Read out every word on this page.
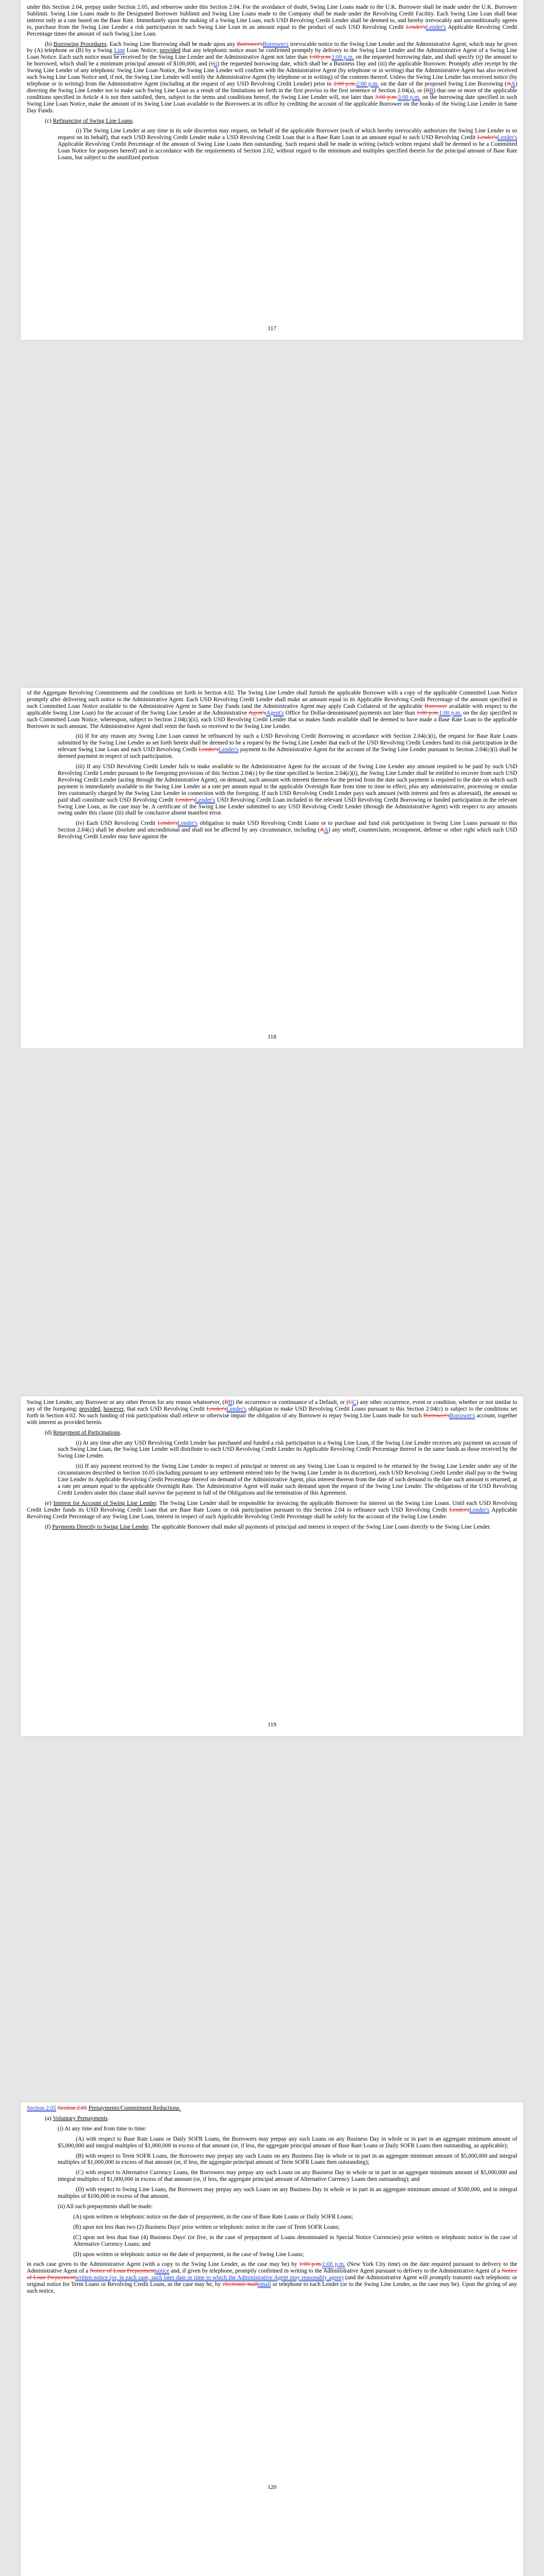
under this Section 2.04, prepay under Section 2.05, and reborrow under this Section 2.04. For the avoidance of doubt, Swing Line Loans made to the U.K. Borrower shall be made under the U.K. Borrower Sublimit. Swing Line Loans made to the Designated Borrower Sublimit and Swing Line Loans made to the Company shall be made under the Revolving Credit Facility. Each Swing Line Loan shall bear interest only at a rate based on the Base Rate. Immediately upon the making of a Swing Line Loan, each USD Revolving Credit Lender shall be deemed to, and hereby irrevocably and unconditionally agrees to, purchase from the Swing Line Lender a risk participation in such Swing Line Loan in an amount equal to the product of such USD Revolving Credit Lender'sLender's Applicable Revolving Credit Percentage times the amount of such Swing Line Loan.

(b) Borrowing Procedures. Each Swing Line Borrowing shall be made upon any Borrower'sBorrower's irrevocable notice to the Swing Line Lender and the Administrative Agent, which may be given by (A) telephone or (B) by a Swing Line Loan Notice; provided that any telephonic notice must be confirmed promptly by delivery to the Swing Line Lender and the Administrative Agent of a Swing Line Loan Notice. Each such notice must be received by the Swing Line Lender and the Administrative Agent not later than 1:00 p.m.1:00 p.m. on the requested borrowing date, and shall specify (ii) the amount to be borrowed, which shall be a minimum principal amount of $100,000, and (iiii) the requested borrowing date, which shall be a Business Day and (iii) the applicable Borrower. Promptly after receipt by the Swing Line Lender of any telephonic Swing Line Loan Notice, the Swing Line Lender will confirm with the Administrative Agent (by telephone or in writing) that the Administrative Agent has also received such Swing Line Loan Notice and, if not, the Swing Line Lender will notify the Administrative Agent (by telephone or in writing) of the contents thereof. Unless the Swing Line Lender has received notice (by telephone or in writing) from the Administrative Agent (including at the request of any USD Revolving Credit Lender) prior to 2:00 p.m.2:00 p.m. on the date of the proposed Swing Line Borrowing (AA) directing the Swing Line Lender not to make such Swing Line Loan as a result of the limitations set forth in the first proviso to the first sentence of Section 2.04(a), or (BB) that one or more of the applicable conditions specified in Article 4 is not then satisfied, then, subject to the terms and conditions hereof, the Swing Line Lender will, not later than 3:00 p.m.3:00 p.m. on the borrowing date specified in such Swing Line Loan Notice, make the amount of its Swing Line Loan available to the Borrowers at its office by crediting the account of the applicable Borrower on the books of the Swing Line Lender in Same Day Funds.

(c) Refinancing of Swing Line Loans.

(i) The Swing Line Lender at any time in its sole discretion may request, on behalf of the applicable Borrower (each of which hereby irrevocably authorizes the Swing Line Lender to so request on its behalf), that each USD Revolving Credit Lender make a USD Revolving Credit Loan that is a Base Rate Loan in an amount equal to such USD Revolving Credit Lender'sLender's Applicable Revolving Credit Percentage of the amount of Swing Line Loans then outstanding. Such request shall be made in writing (which written request shall be deemed to be a Committed Loan Notice for purposes hereof) and in accordance with the requirements of Section 2.02, without regard to the minimum and multiples specified therein for the principal amount of Base Rate Loans, but subject to the unutilized portion

117

of the Aggregate Revolving Commitments and the conditions set forth in Section 4.02. The Swing Line Lender shall furnish the applicable Borrower with a copy of the applicable Committed Loan Notice promptly after delivering such notice to the Administrative Agent. Each USD Revolving Credit Lender shall make an amount equal to its Applicable Revolving Credit Percentage of the amount specified in such Committed Loan Notice available to the Administrative Agent in Same Day Funds (and the Administrative Agent may apply Cash Collateral of the applicable Borrower available with respect to the applicable Swing Line Loan) for the account of the Swing Line Lender at the Administrative Agent'sAgent's Office for Dollar-denominated payments not later than 1:00 p.m.1:00 p.m. on the day specified in such Committed Loan Notice, whereupon, subject to Section 2.04(c)(ii), each USD Revolving Credit Lender that so makes funds available shall be deemed to have made a Base Rate Loan to the applicable Borrower in such amount. The Administrative Agent shall remit the funds so received to the Swing Line Lender.

(ii) If for any reason any Swing Line Loan cannot be refinanced by such a USD Revolving Credit Borrowing in accordance with Section 2.04(c)(i), the request for Base Rate Loans submitted by the Swing Line Lender as set forth herein shall be deemed to be a request by the Swing Line Lender that each of the USD Revolving Credit Lenders fund its risk participation in the relevant Swing Line Loan and each USD Revolving Credit Lender'sLender's payment to the Administrative Agent for the account of the Swing Line Lender pursuant to Section 2.04(c)(i) shall be deemed payment in respect of such participation.

(iii) If any USD Revolving Credit Lender fails to make available to the Administrative Agent for the account of the Swing Line Lender any amount required to be paid by such USD Revolving Credit Lender pursuant to the foregoing provisions of this Section 2.04(c) by the time specified in Section 2.04(c)(i), the Swing Line Lender shall be entitled to recover from such USD Revolving Credit Lender (acting through the Administrative Agent), on demand, such amount with interest thereon for the period from the date such payment is required to the date on which such payment is immediately available to the Swing Line Lender at a rate per annum equal to the applicable Overnight Rate from time to time in effect, plus any administrative, processing or similar fees customarily charged by the Swing Line Lender in connection with the foregoing. If such USD Revolving Credit Lender pays such amount (with interest and fees as aforesaid), the amount so paid shall constitute such USD Revolving Credit Lender'sLender's USD Revolving Credit Loan included in the relevant USD Revolving Credit Borrowing or funded participation in the relevant Swing Line Loan, as the case may be. A certificate of the Swing Line Lender submitted to any USD Revolving Credit Lender (through the Administrative Agent) with respect to any amounts owing under this clause (iii) shall be conclusive absent manifest error.

(iv) Each USD Revolving Credit Lender'sLender's obligation to make USD Revolving Credit Loans or to purchase and fund risk participations in Swing Line Loans pursuant to this Section 2.04(c) shall be absolute and unconditional and shall not be affected by any circumstance, including (AA) any setoff, counterclaim, recoupment, defense or other right which such USD Revolving Credit Lender may have against the

118

Swing Line Lender, any Borrower or any other Person for any reason whatsoever, (BB) the occurrence or continuance of a Default, or (CC) any other occurrence, event or condition, whether or not similar to any of the foregoing; provided, however, that each USD Revolving Credit Lender'sLender's obligation to make USD Revolving Credit Loans pursuant to this Section 2.04(c) is subject to the conditions set forth in Section 4.02. No such funding of risk participations shall relieve or otherwise impair the obligation of any Borrower to repay Swing Line Loans made for such Borrower'sBorrower's account, together with interest as provided herein.

(d) Repayment of Participations.

(i) At any time after any USD Revolving Credit Lender has purchased and funded a risk participation in a Swing Line Loan, if the Swing Line Lender receives any payment on account of such Swing Line Loan, the Swing Line Lender will distribute to such USD Revolving Credit Lender its Applicable Revolving Credit Percentage thereof in the same funds as those received by the Swing Line Lender.

(ii) If any payment received by the Swing Line Lender in respect of principal or interest on any Swing Line Loan is required to be returned by the Swing Line Lender under any of the circumstances described in Section 10.05 (including pursuant to any settlement entered into by the Swing Line Lender in its discretion), each USD Revolving Credit Lender shall pay to the Swing Line Lender its Applicable Revolving Credit Percentage thereof on demand of the Administrative Agent, plus interest thereon from the date of such demand to the date such amount is returned, at a rate per annum equal to the applicable Overnight Rate. The Administrative Agent will make such demand upon the request of the Swing Line Lender. The obligations of the USD Revolving Credit Lenders under this clause shall survive the payment in full of the Obligations and the termination of this Agreement.

(e) Interest for Account of Swing Line Lender. The Swing Line Lender shall be responsible for invoicing the applicable Borrower for interest on the Swing Line Loans. Until each USD Revolving Credit Lender funds its USD Revolving Credit Loan that are Base Rate Loans or risk participation pursuant to this Section 2.04 to refinance such USD Revolving Credit Lender'sLender's Applicable Revolving Credit Percentage of any Swing Line Loan, interest in respect of such Applicable Revolving Credit Percentage shall be solely for the account of the Swing Line Lender.

(f) Payments Directly to Swing Line Lender. The applicable Borrower shall make all payments of principal and interest in respect of the Swing Line Loans directly to the Swing Line Lender.

119

Section 2.05 Section 2.05 Prepayments/Commitment Reductions.

(a) Voluntary Prepayments.

(i) At any time and from time to time:

(A) with respect to Base Rate Loans or Daily SOFR Loans, the Borrowers may prepay any such Loans on any Business Day in whole or in part in an aggregate minimum amount of $5,000,000 and integral multiples of $1,000,000 in excess of that amount (or, if less, the aggregate principal amount of Base Rate Loans or Daily SOFR Loans then outstanding, as applicable);

(B) with respect to Term SOFR Loans, the Borrowers may prepay any such Loans on any Business Day in whole or in part in an aggregate minimum amount of $5,000,000 and integral multiples of $1,000,000 in excess of that amount (or, if less, the aggregate principal amount of Term SOFR Loans then outstanding);

(C) with respect to Alternative Currency Loans, the Borrowers may prepay any such Loans on any Business Day in whole or in part in an aggregate minimum amount of $5,000,000 and integral multiples of $1,000,000 in excess of that amount (or, if less, the aggregate principal amount of Alternative Currency Loans then outstanding); and

(D) with respect to Swing Line Loans, the Borrowers may prepay any such Loans on any Business Day in whole or in part in an aggregate minimum amount of $500,000, and in integral multiples of $100,000 in excess of that amount.

(ii) All such prepayments shall be made:

(A) upon written or telephonic notice on the date of prepayment, in the case of Base Rate Loans or Daily SOFR Loans;

(B) upon not less than two (2) Business Days' prior written or telephonic notice in the case of Term SOFR Loans;

(C) upon not less than four (4) Business Days' (or five, in the case of prepayment of Loans denominated in Special Notice Currencies) prior written or telephonic notice in the case of Alternative Currency Loans; and

(D) upon written or telephonic notice on the date of prepayment, in the case of Swing Line Loans;

in each case given to the Administrative Agent (with a copy to the Swing Line Lender, as the case may be) by 1:00 p.m.1:00 p.m. (New York City time) on the date required pursuant to delivery to the Administrative Agent of a Notice of Loan Prepaymentnotice and, if given by telephone, promptly confirmed in writing to the Administrative Agent pursuant to delivery to the Administrative Agent of a Notice of Loan Prepaymentwritten notice (or, in each case, such later date or time to which the Administrative Agent may reasonably agree) (and the Administrative Agent will promptly transmit such telephonic or original notice for Term Loans or Revolving Credit Loans, as the case may be, by electronic mailemail or telephone to each Lender (or to the Swing Line Lender, as the case may be). Upon the giving of any such notice,

120
